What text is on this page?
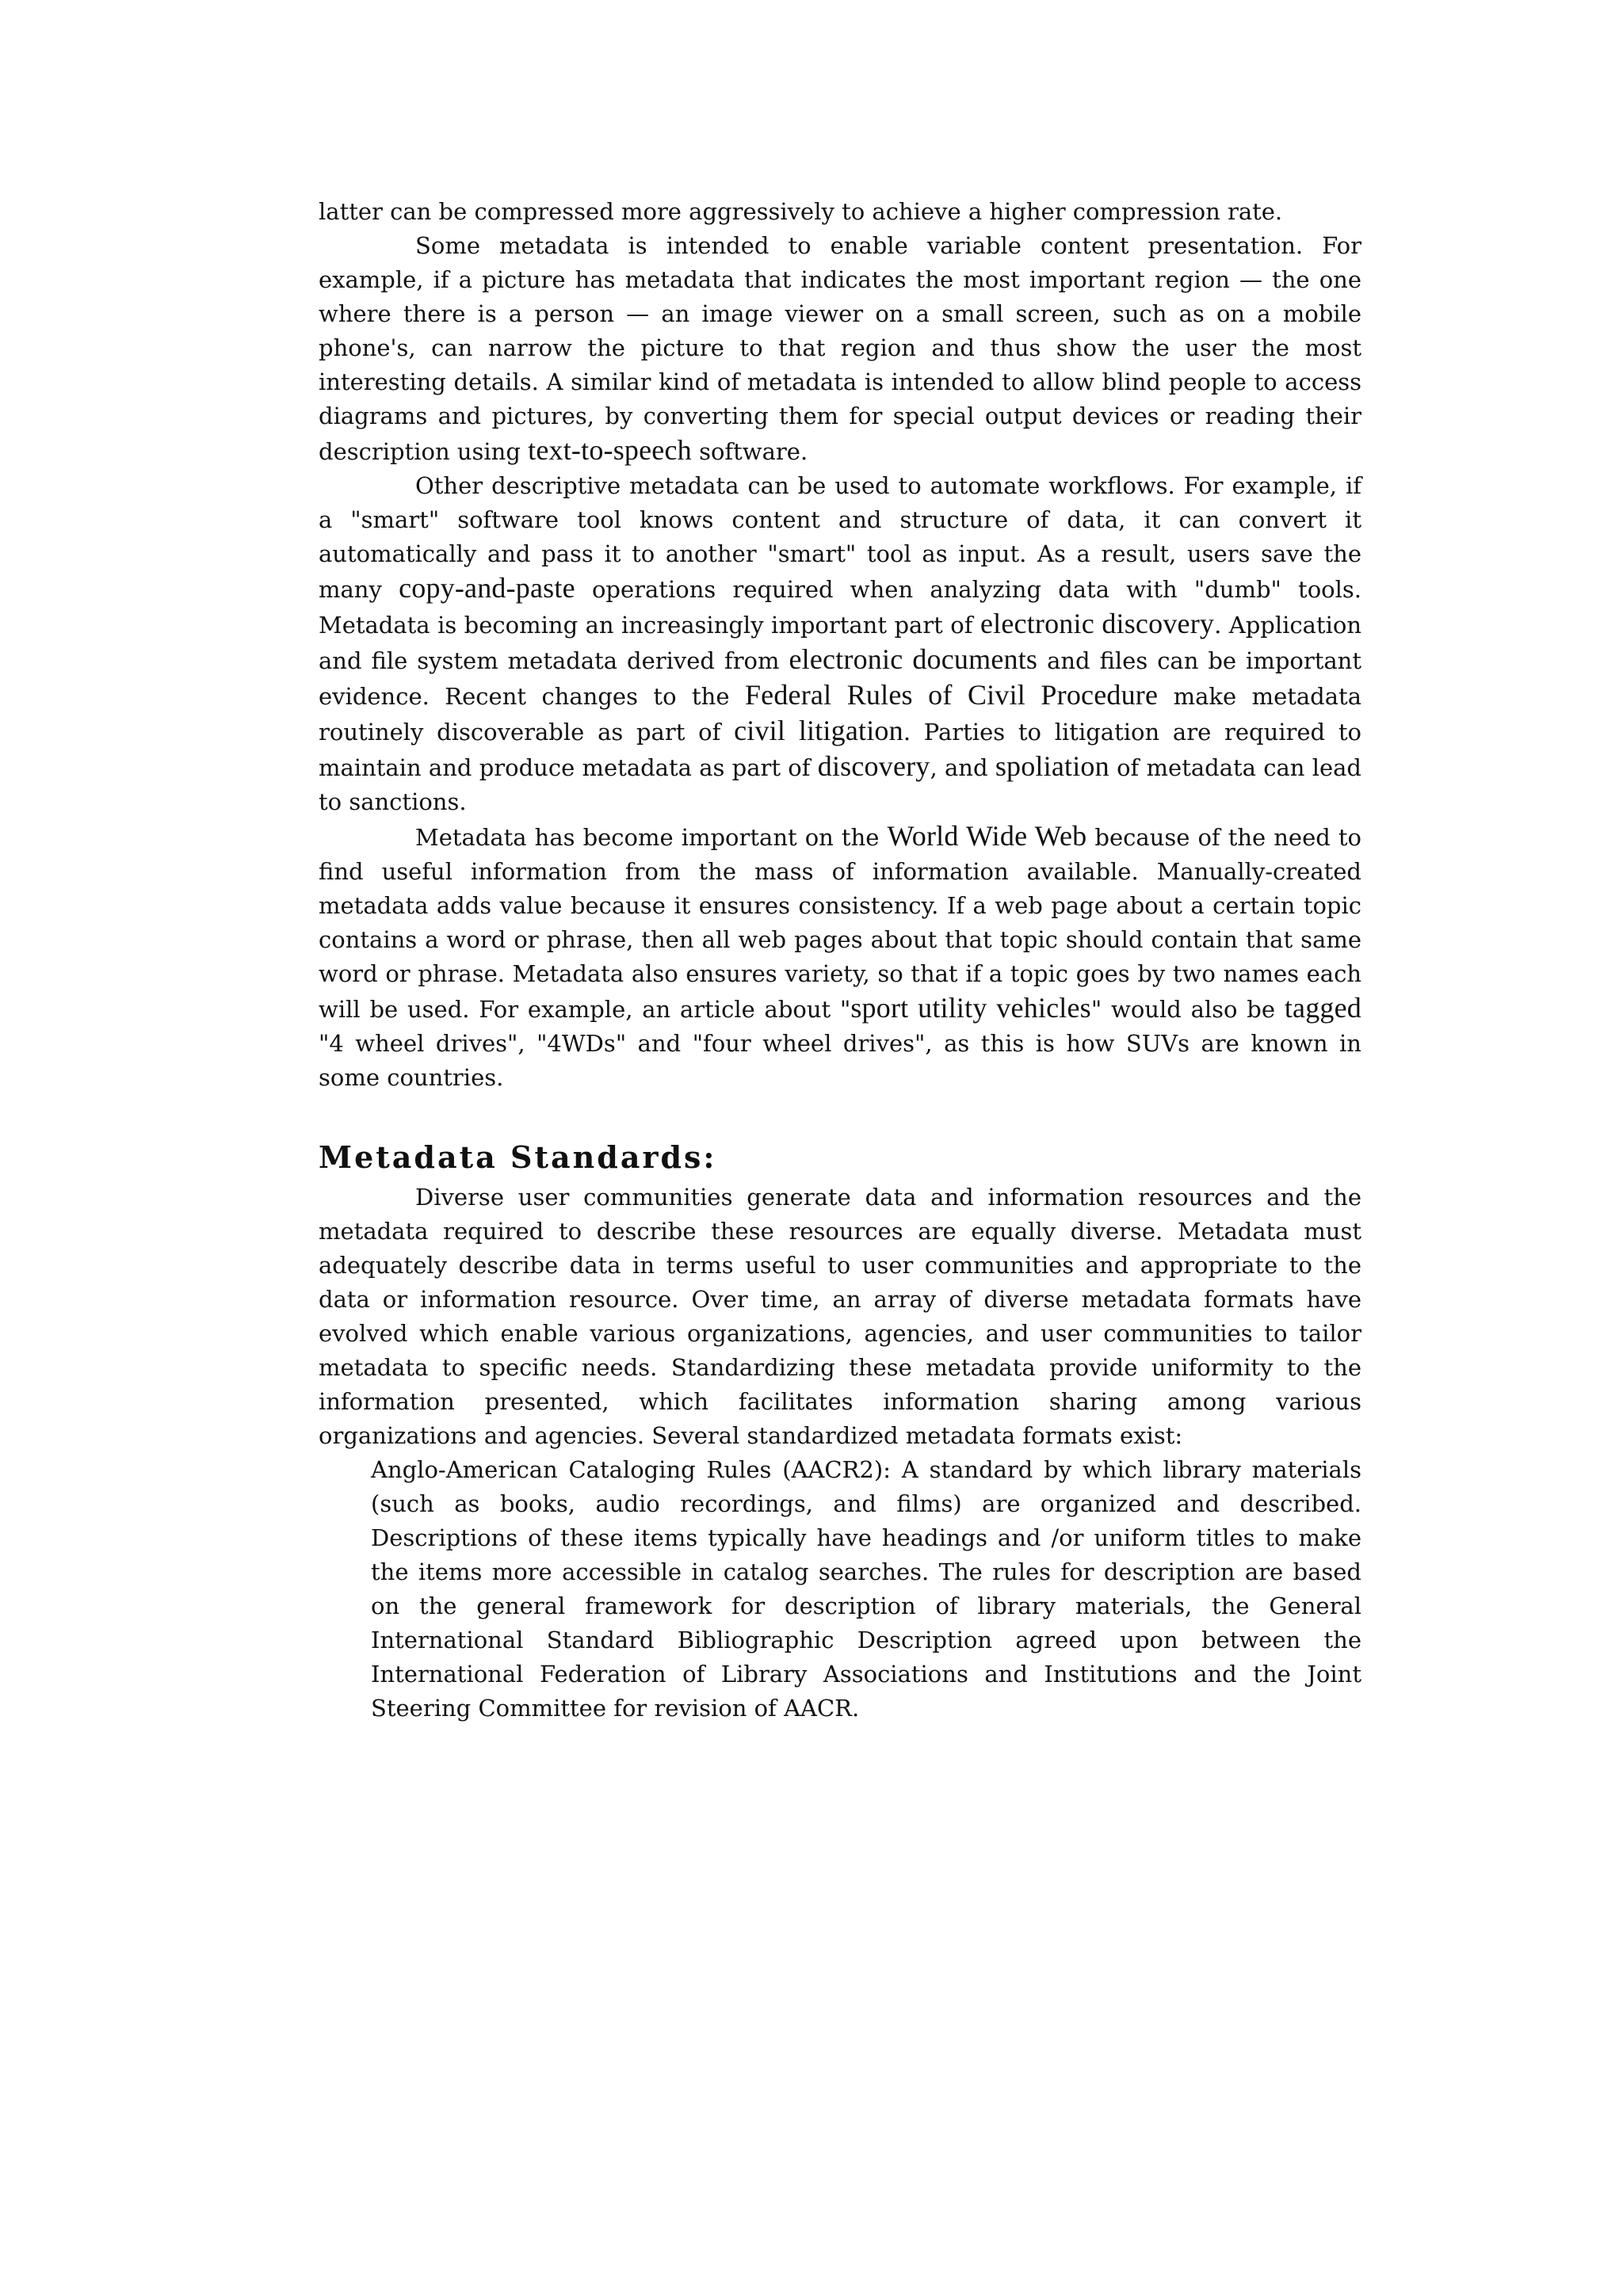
latter can be compressed more aggressively to achieve a higher compression rate.

Some metadata is intended to enable variable content presentation. For example, if a picture has metadata that indicates the most important region — the one where there is a person — an image viewer on a small screen, such as on a mobile phone's, can narrow the picture to that region and thus show the user the most interesting details. A similar kind of metadata is intended to allow blind people to access diagrams and pictures, by converting them for special output devices or reading their description using text-to-speech software.

Other descriptive metadata can be used to automate workflows. For example, if a "smart" software tool knows content and structure of data, it can convert it automatically and pass it to another "smart" tool as input. As a result, users save the many copy-and-paste operations required when analyzing data with "dumb" tools. Metadata is becoming an increasingly important part of electronic discovery. Application and file system metadata derived from electronic documents and files can be important evidence. Recent changes to the Federal Rules of Civil Procedure make metadata routinely discoverable as part of civil litigation. Parties to litigation are required to maintain and produce metadata as part of discovery, and spoliation of metadata can lead to sanctions.

Metadata has become important on the World Wide Web because of the need to find useful information from the mass of information available. Manually-created metadata adds value because it ensures consistency. If a web page about a certain topic contains a word or phrase, then all web pages about that topic should contain that same word or phrase. Metadata also ensures variety, so that if a topic goes by two names each will be used. For example, an article about "sport utility vehicles" would also be tagged "4 wheel drives", "4WDs" and "four wheel drives", as this is how SUVs are known in some countries.

Metadata Standards:

Diverse user communities generate data and information resources and the metadata required to describe these resources are equally diverse. Metadata must adequately describe data in terms useful to user communities and appropriate to the data or information resource. Over time, an array of diverse metadata formats have evolved which enable various organizations, agencies, and user communities to tailor metadata to specific needs. Standardizing these metadata provide uniformity to the information presented, which facilitates information sharing among various organizations and agencies. Several standardized metadata formats exist:

Anglo-American Cataloging Rules (AACR2): A standard by which library materials (such as books, audio recordings, and films) are organized and described. Descriptions of these items typically have headings and /or uniform titles to make the items more accessible in catalog searches. The rules for description are based on the general framework for description of library materials, the General International Standard Bibliographic Description agreed upon between the International Federation of Library Associations and Institutions and the Joint Steering Committee for revision of AACR.
